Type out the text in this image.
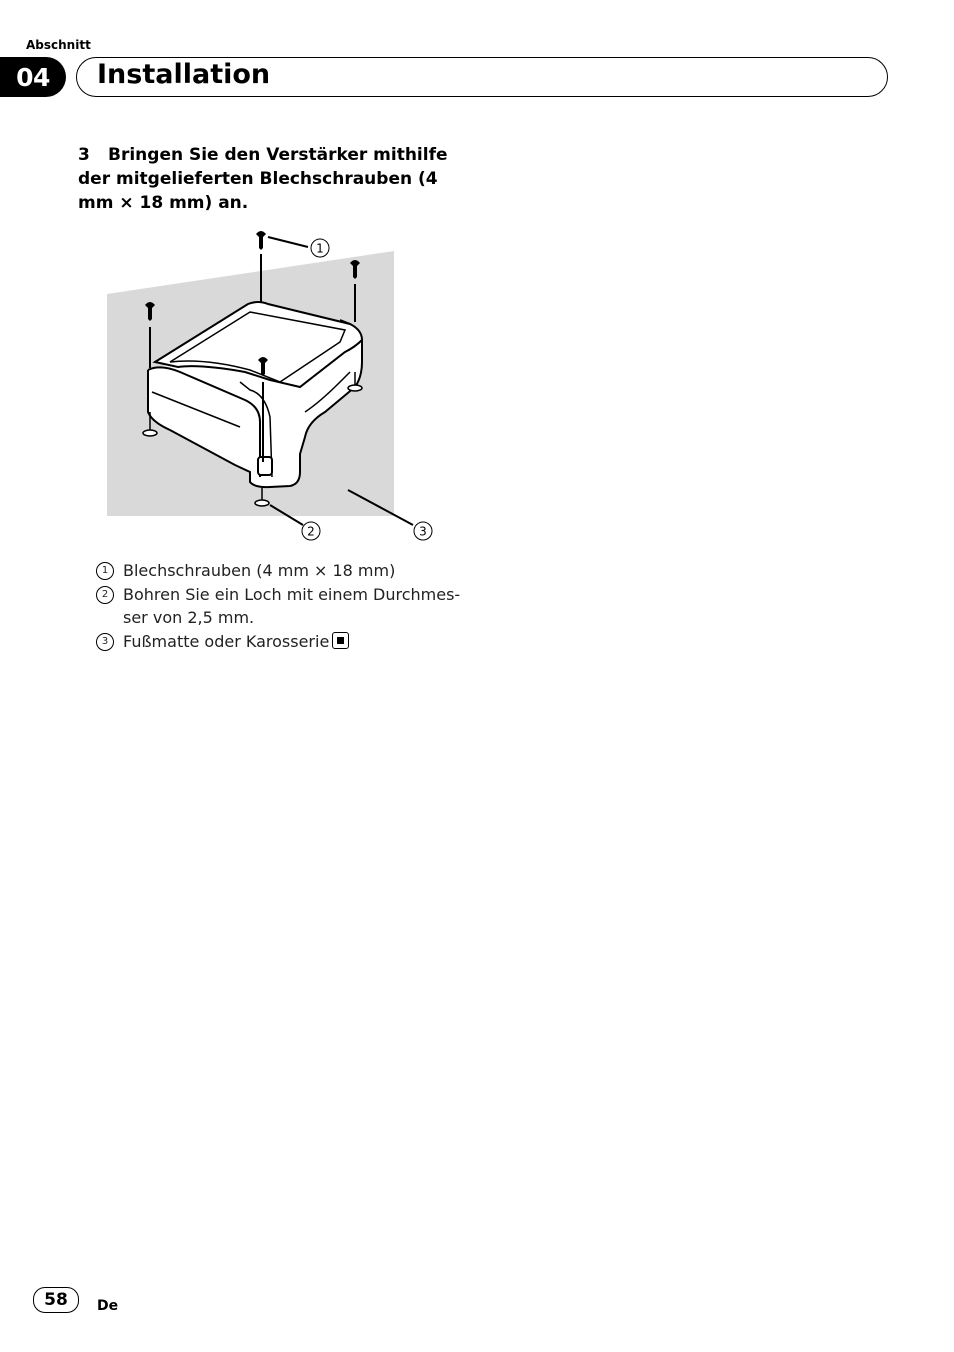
Abschnitt
04	Installation
3 Bringen Sie den Verstärker mithilfe der mitgelieferten Blechschrauben (4 mm × 18 mm) an.
1
2	3
1 Blechschrauben (4 mm × 18 mm)
2 Bohren Sie ein Loch mit einem Durchmesser von 2,5 mm.
3 Fußmatte oder Karosserie
58	De
